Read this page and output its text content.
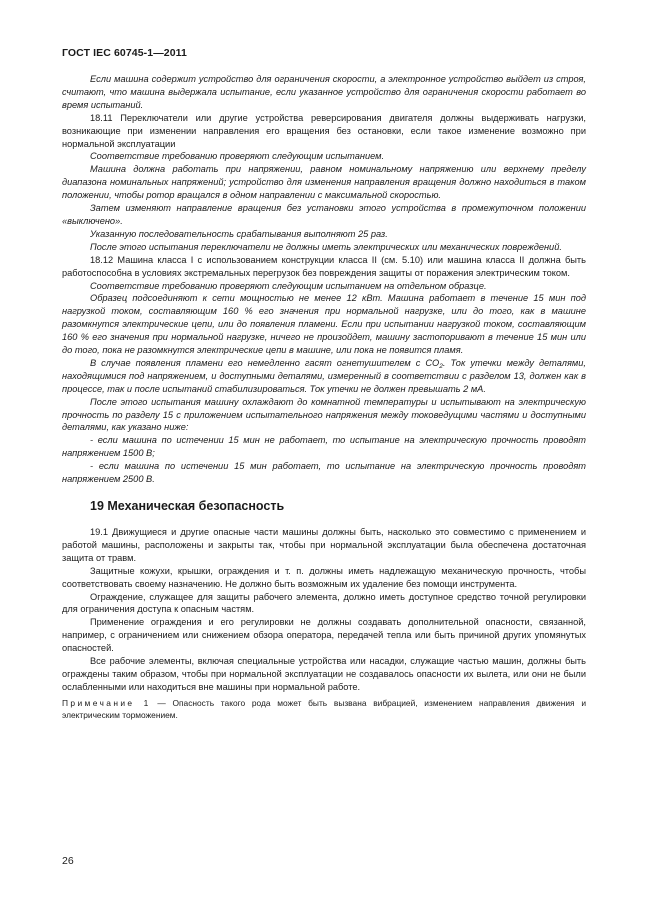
ГОСТ IEC 60745-1—2011

Если машина содержит устройство для ограничения скорости, а электронное устройство выйдет из строя, считают, что машина выдержала испытание, если указанное устройство для ограничения скорости работает во время испытаний.

18.11 Переключатели или другие устройства реверсирования двигателя должны выдерживать нагрузки, возникающие при изменении направления его вращения без остановки, если такое изменение возможно при нормальной эксплуатации

Соответствие требованию проверяют следующим испытанием.

Машина должна работать при напряжении, равном номинальному напряжению или верхнему пределу диапазона номинальных напряжений; устройство для изменения направления вращения должно находиться в таком положении, чтобы ротор вращался в одном направлении с максимальной скоростью.

Затем изменяют направление вращения без установки этого устройства в промежуточном положении «выключено».

Указанную последовательность срабатывания выполняют 25 раз.

После этого испытания переключатели не должны иметь электрических или механических повреждений.

18.12 Машина класса I с использованием конструкции класса II (см. 5.10) или машина класса II должна быть работоспособна в условиях экстремальных перегрузок без повреждения защиты от поражения электрическим током.

Соответствие требованию проверяют следующим испытанием на отдельном образце.

Образец подсоединяют к сети мощностью не менее 12 кВт. Машина работает в течение 15 мин под нагрузкой током, составляющим 160 % его значения при нормальной нагрузке, или до того, как в машине разомкнутся электрические цепи, или до появления пламени. Если при испытании нагрузкой током, составляющим 160 % его значения при нормальной нагрузке, ничего не произойдет, машину застопоривают в течение 15 мин или до того, пока не разомкнутся электрические цепи в машине, или пока не появится пламя.

В случае появления пламени его немедленно гасят огнетушителем с $CO_2$. Ток утечки между деталями, находящимися под напряжением, и доступными деталями, измеренный в соответствии с разделом 13, должен как в процессе, так и после испытаний стабилизироваться. Ток утечки не должен превышать 2 мА.

После этого испытания машину охлаждают до комнатной температуры и испытывают на электрическую прочность по разделу 15 с приложением испытательного напряжения между токоведущими частями и доступными деталями, как указано ниже:

- если машина по истечении 15 мин не работает, то испытание на электрическую прочность проводят напряжением 1500 В;

- если машина по истечении 15 мин работает, то испытание на электрическую прочность проводят напряжением 2500 В.

19 Механическая безопасность

19.1 Движущиеся и другие опасные части машины должны быть, насколько это совместимо с применением и работой машины, расположены и закрыты так, чтобы при нормальной эксплуатации была обеспечена достаточная защита от травм.

Защитные кожухи, крышки, ограждения и т. п. должны иметь надлежащую механическую прочность, чтобы соответствовать своему назначению. Не должно быть возможным их удаление без помощи инструмента.

Ограждение, служащее для защиты рабочего элемента, должно иметь доступное средство точной регулировки для ограничения доступа к опасным частям.

Применение ограждения и его регулировки не должны создавать дополнительной опасности, связанной, например, с ограничением или снижением обзора оператора, передачей тепла или быть причиной других упомянутых опасностей.

Все рабочие элементы, включая специальные устройства или насадки, служащие частью машин, должны быть ограждены таким образом, чтобы при нормальной эксплуатации не создавалось опасности их вылета, или они не были ослабленными или находиться вне машины при нормальной работе.

Примечание 1 — Опасность такого рода может быть вызвана вибрацией, изменением направления движения и электрическим торможением.

26
